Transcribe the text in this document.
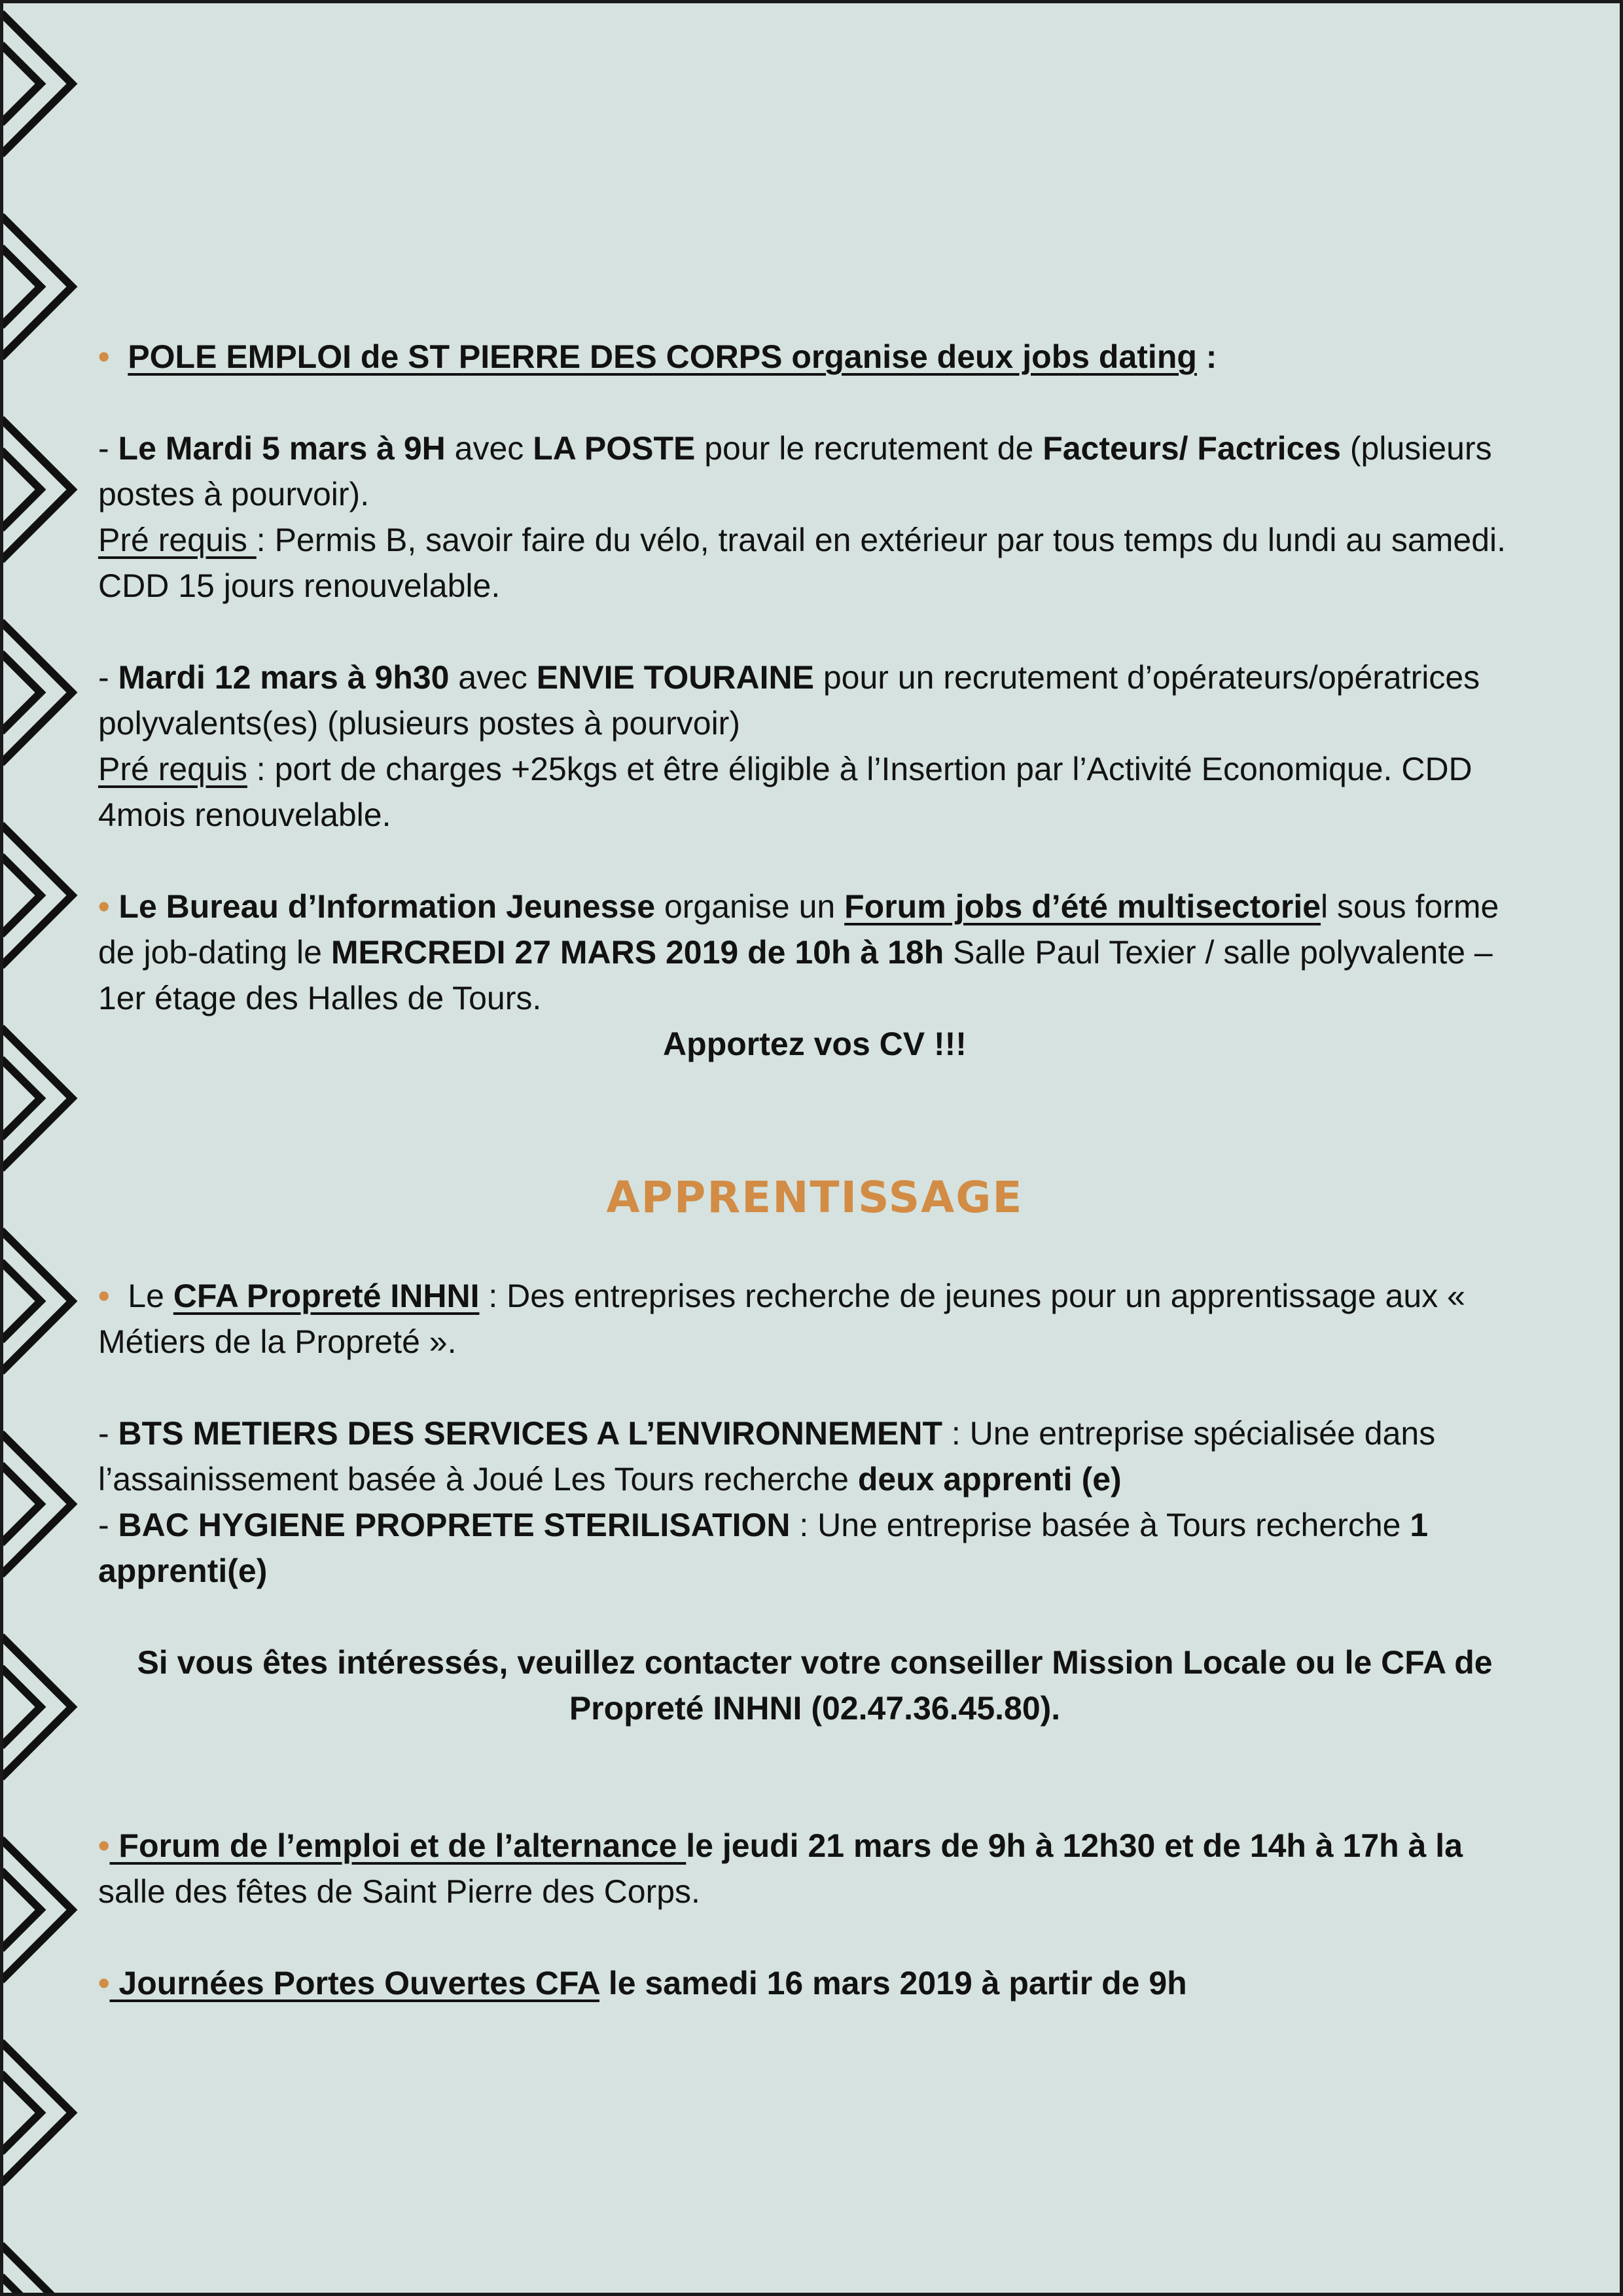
• POLE EMPLOI de ST PIERRE DES CORPS organise deux jobs dating :

- Le Mardi 5 mars à 9H avec LA POSTE pour le recrutement de Facteurs/ Factrices (plusieurs postes à pourvoir).

Pré requis : Permis B, savoir faire du vélo, travail en extérieur par tous temps du lundi au samedi. CDD 15 jours renouvelable.

- Mardi 12 mars à 9h30 avec ENVIE TOURAINE pour un recrutement d’opérateurs/opératrices polyvalents(es) (plusieurs postes à pourvoir)

Pré requis : port de charges +25kgs et être éligible à l’Insertion par l’Activité Economique. CDD 4mois renouvelable.

• Le Bureau d’Information Jeunesse organise un Forum jobs d’été multisectoriel sous forme de job-dating le MERCREDI 27 MARS 2019 de 10h à 18h Salle Paul Texier / salle polyvalente – 1er étage des Halles de Tours.

Apportez vos CV !!!

APPRENTISSAGE

•  Le CFA Propreté INHNI : Des entreprises recherche de jeunes pour un apprentissage aux « Métiers de la Propreté ».

- BTS METIERS DES SERVICES A L’ENVIRONNEMENT : Une entreprise spécialisée dans l’assainissement basée à Joué Les Tours recherche deux apprenti (e)

- BAC HYGIENE PROPRETE STERILISATION : Une entreprise basée à Tours recherche 1 apprenti(e)

Si vous êtes intéressés, veuillez contacter votre conseiller Mission Locale ou le CFA de Propreté INHNI (02.47.36.45.80).

• Forum de l’emploi et de l’alternance le jeudi 21 mars de 9h à 12h30 et de 14h à 17h à la salle des fêtes de Saint Pierre des Corps.

• Journées Portes Ouvertes CFA le samedi 16 mars 2019 à partir de 9h
